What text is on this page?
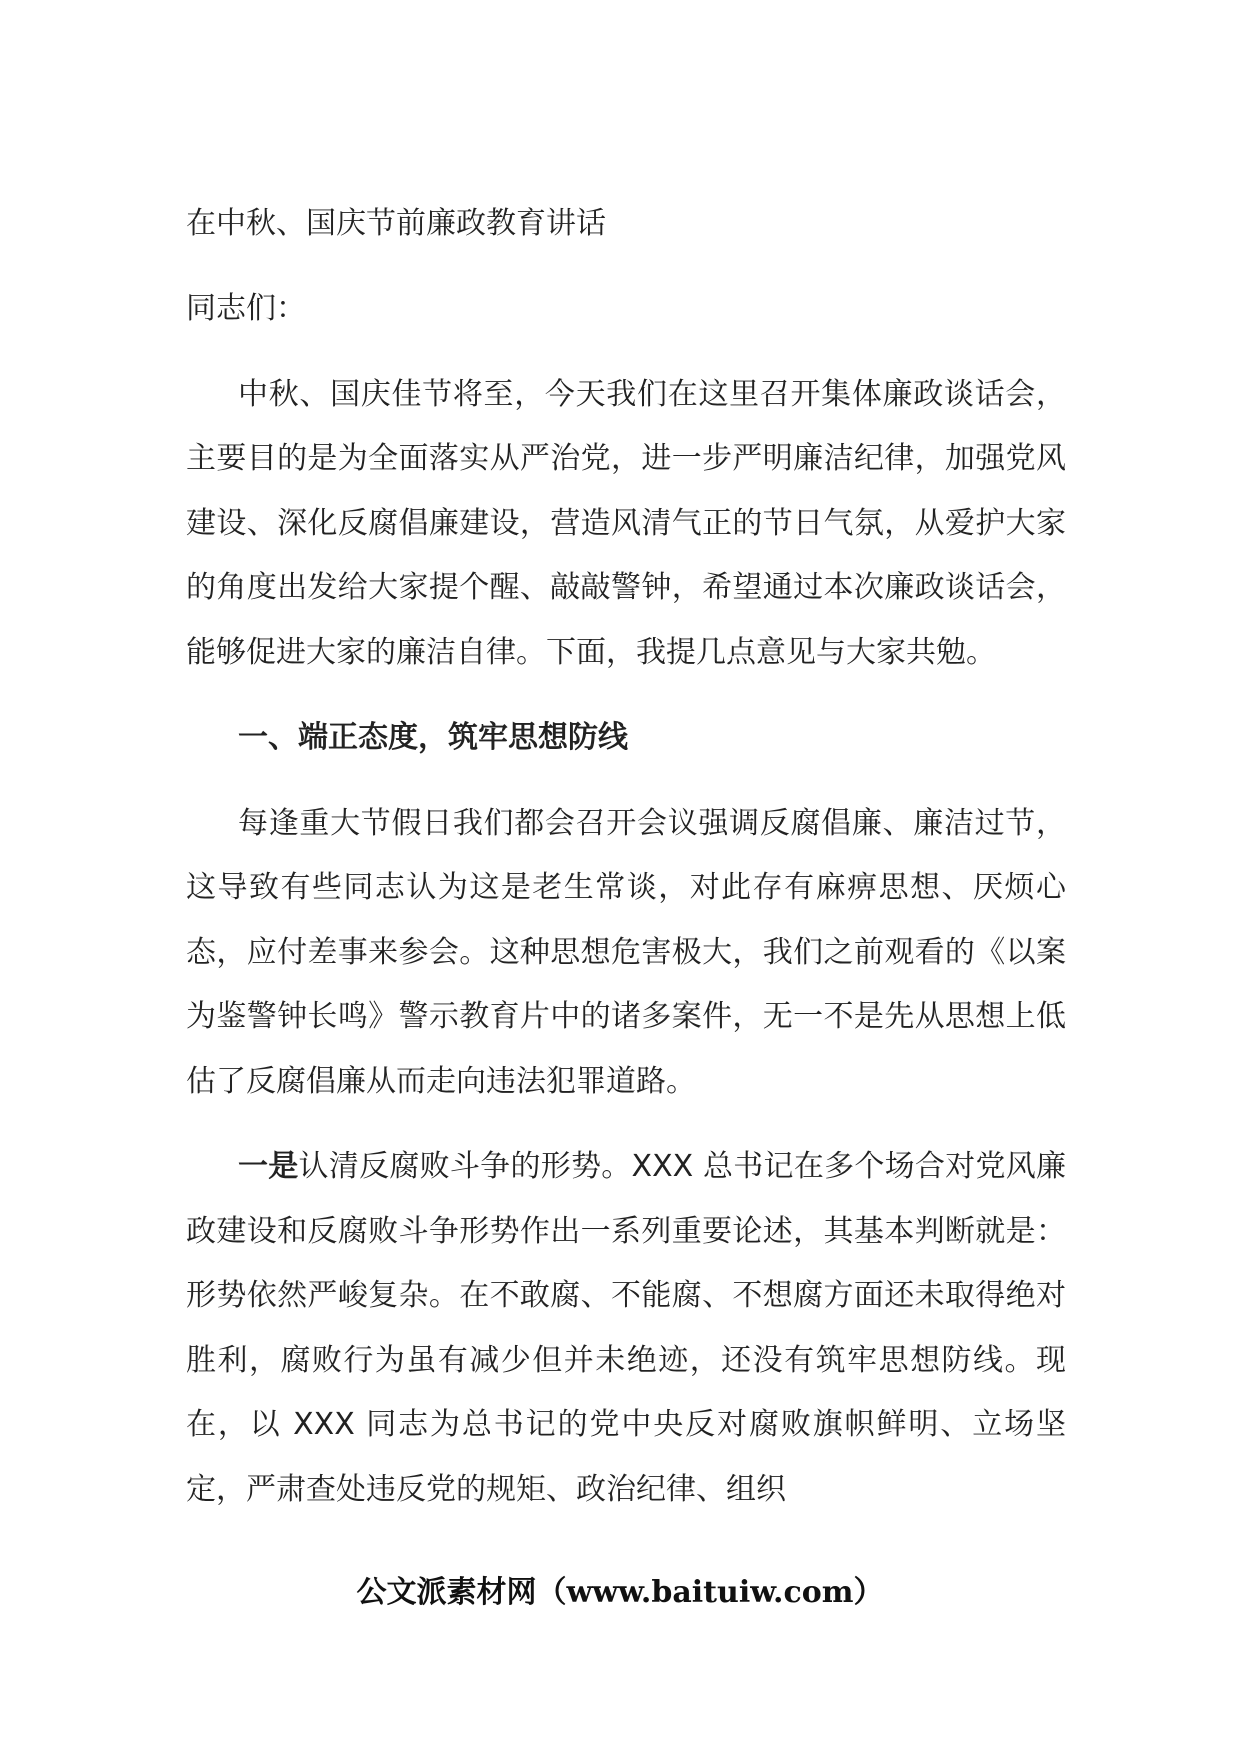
在中秋、国庆节前廉政教育讲话
同志们：

中秋、国庆佳节将至，今天我们在这里召开集体廉政谈话会，主要目的是为全面落实从严治党，进一步严明廉洁纪律，加强党风建设、深化反腐倡廉建设，营造风清气正的节日气氛，从爱护大家的角度出发给大家提个醒、敲敲警钟，希望通过本次廉政谈话会，能够促进大家的廉洁自律。下面，我提几点意见与大家共勉。

一、端正态度，筑牢思想防线

每逢重大节假日我们都会召开会议强调反腐倡廉、廉洁过节，这导致有些同志认为这是老生常谈，对此存有麻痹思想、厌烦心态，应付差事来参会。这种思想危害极大，我们之前观看的《以案为鉴警钟长鸣》警示教育片中的诸多案件，无一不是先从思想上低估了反腐倡廉从而走向违法犯罪道路。

一是认清反腐败斗争的形势。XXX 总书记在多个场合对党风廉政建设和反腐败斗争形势作出一系列重要论述，其基本判断就是：形势依然严峻复杂。在不敢腐、不能腐、不想腐方面还未取得绝对胜利，腐败行为虽有减少但并未绝迹，还没有筑牢思想防线。现在，以 XXX 同志为总书记的党中央反对腐败旗帜鲜明、立场坚定，严肃查处违反党的规矩、政治纪律、组织

公文派素材网（www.baituiw.com）
